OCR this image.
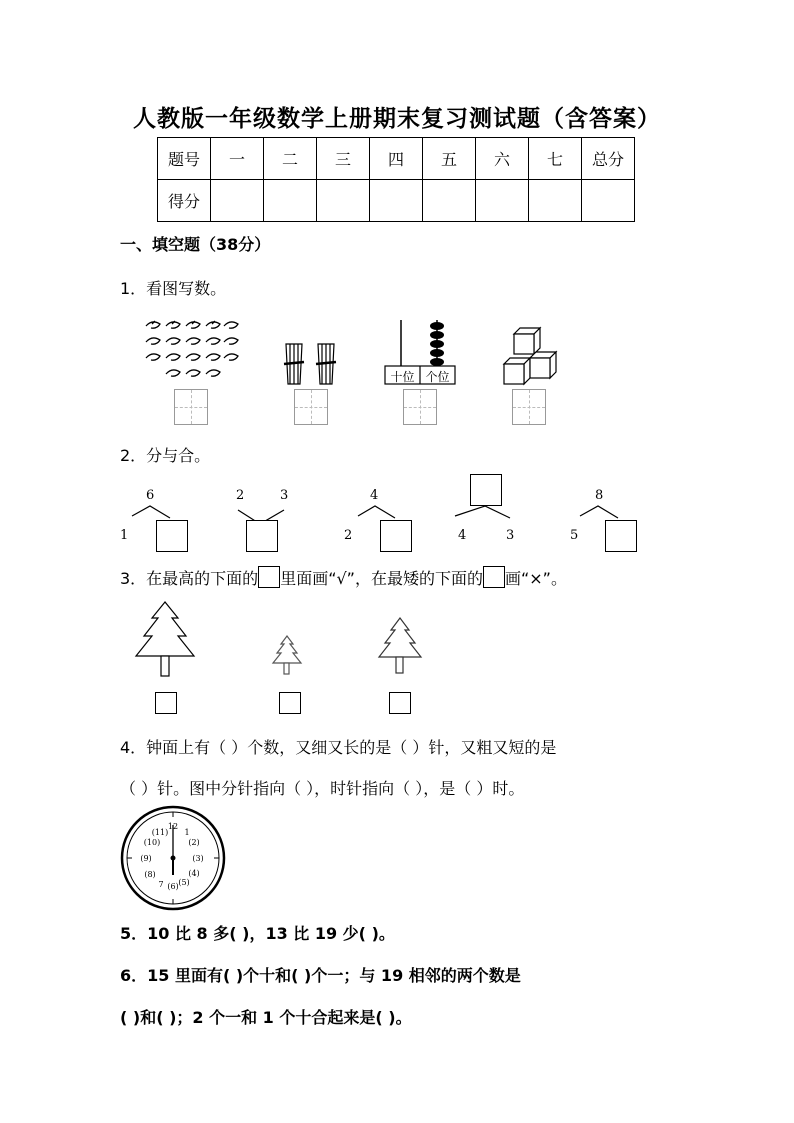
人教版一年级数学上册期末复习测试题（含答案）
题号	一	二	三	四	五	六	七	总分
得分								
一、填空题（38分）
1．看图写数。
十位 个位
2．分与合。
6
1
2	3	4
2	4	3
8
5
3．在最高的下面的 里面画“√”，在最矮的下面的 画“×”。
4．钟面上有（ ）个数，又细又长的是（ ）针，又粗又短的是
（ ）针。图中分针指向（ ），时针指向（ ），是（ ）时。
12
1
(2)
(3)
(4)
(5)
(6)
7
(8)
(9)
(10)
(11)
5．10 比 8 多( )，13 比 19 少( )。
6．15 里面有( )个十和( )个一；与 19 相邻的两个数是
( )和( )；2 个一和 1 个十合起来是( )。
